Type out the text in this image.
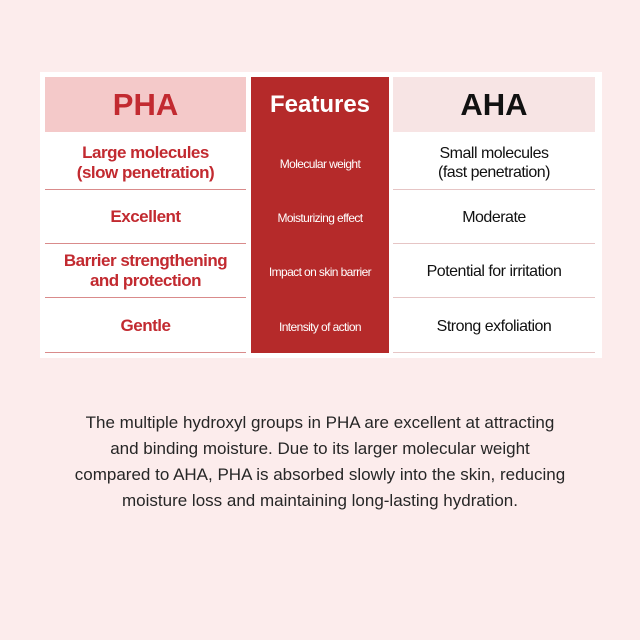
PHA
Large molecules
(slow penetration)
Excellent
Barrier strengthening
and protection
Gentle
Features
Molecular weight
Moisturizing effect
Impact on skin barrier
Intensity of action
AHA
Small molecules
(fast penetration)
Moderate
Potential for irritation
Strong exfoliation

The multiple hydroxyl groups in PHA are excellent at attracting
and binding moisture. Due to its larger molecular weight
compared to AHA, PHA is absorbed slowly into the skin, reducing
moisture loss and maintaining long-lasting hydration.
